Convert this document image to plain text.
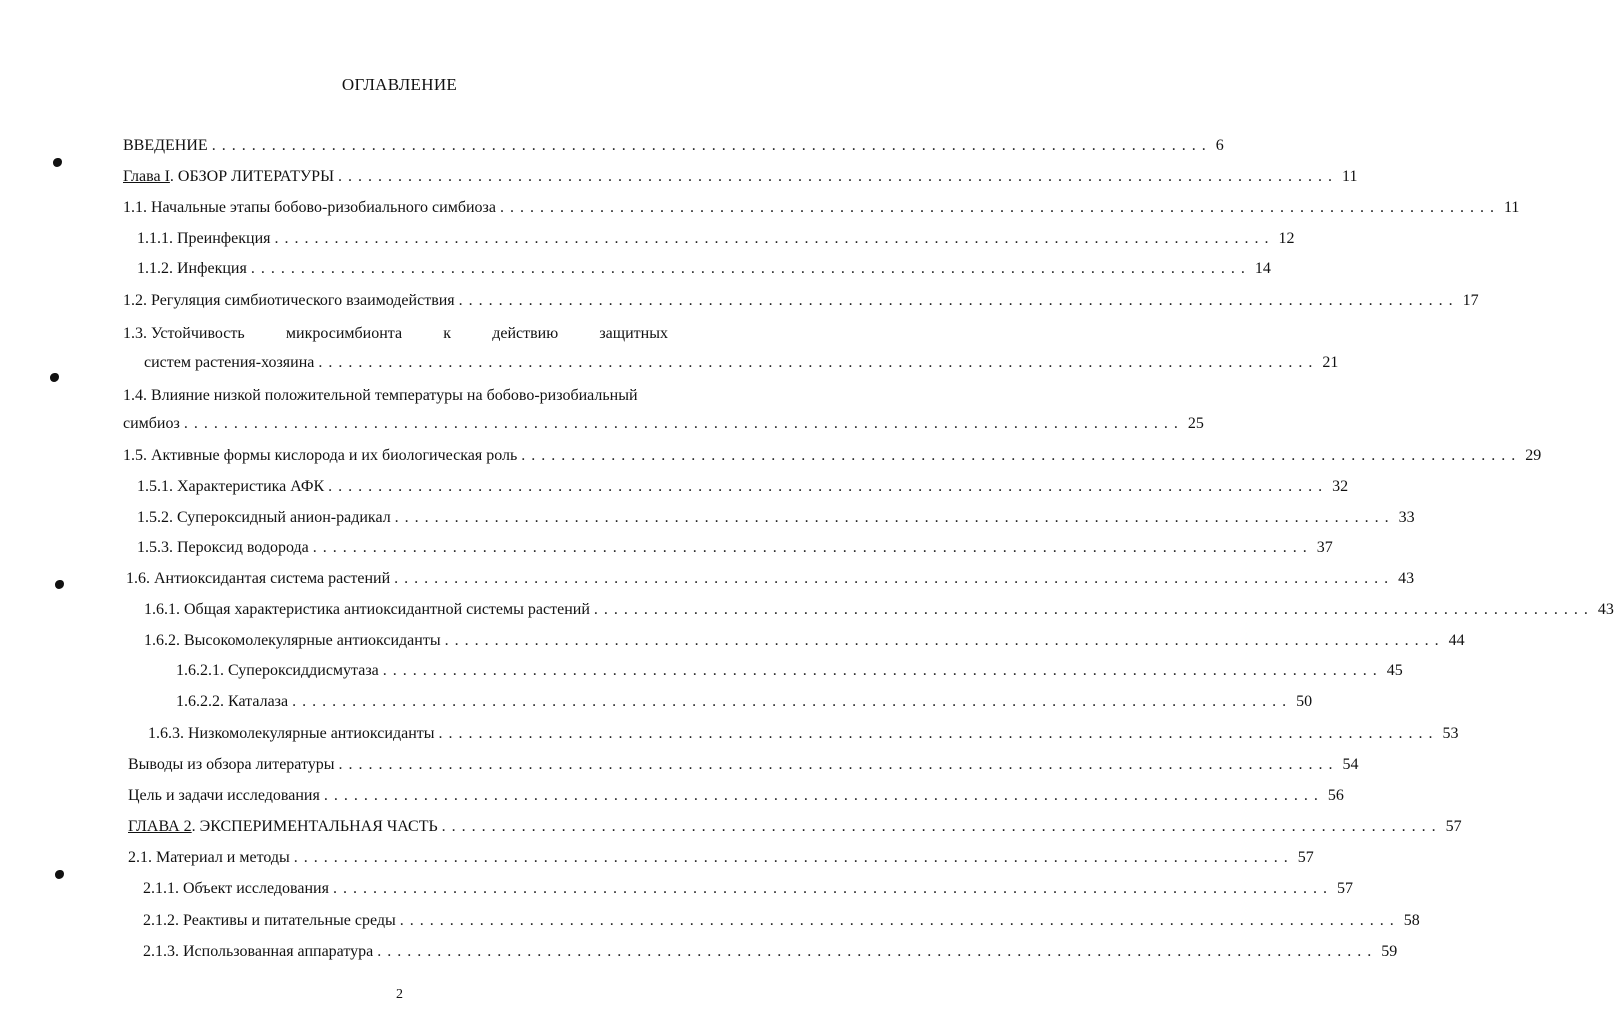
ОГЛАВЛЕНИЕ
ВВЕДЕНИЕ .................................................................................................... 6
Глава I. ОБЗОР ЛИТЕРАТУРЫ .................................................................................................... 11
1.1. Начальные этапы бобово-ризобиального симбиоза .................................................................................................... 11
1.1.1. Преинфекция .................................................................................................... 12
1.1.2. Инфекция .................................................................................................... 14
1.2. Регуляция симбиотического взаимодействия .................................................................................................... 17
1.3. Устойчивость	микросимбионта	к	действию	защитных
систем растения-хозяина .................................................................................................... 21
1.4. Влияние низкой положительной температуры на бобово-ризобиальный
симбиоз .................................................................................................... 25
1.5. Активные формы кислорода и их биологическая роль .................................................................................................... 29
1.5.1. Характеристика АФК .................................................................................................... 32
1.5.2. Супероксидный анион-радикал .................................................................................................... 33
1.5.3. Пероксид водорода .................................................................................................... 37
1.6. Антиоксидантая система растений .................................................................................................... 43
1.6.1. Общая характеристика антиоксидантной системы растений .................................................................................................... 43
1.6.2. Высокомолекулярные антиоксиданты .................................................................................................... 44
1.6.2.1. Супероксиддисмутаза .................................................................................................... 45
1.6.2.2. Каталаза .................................................................................................... 50
1.6.3. Низкомолекулярные антиоксиданты .................................................................................................... 53
Выводы из обзора литературы .................................................................................................... 54
Цель и задачи исследования .................................................................................................... 56
ГЛАВА 2. ЭКСПЕРИМЕНТАЛЬНАЯ ЧАСТЬ .................................................................................................... 57
2.1. Материал и методы .................................................................................................... 57
2.1.1. Объект исследования .................................................................................................... 57
2.1.2. Реактивы и питательные среды .................................................................................................... 58
2.1.3. Использованная аппаратура .................................................................................................... 59
2
